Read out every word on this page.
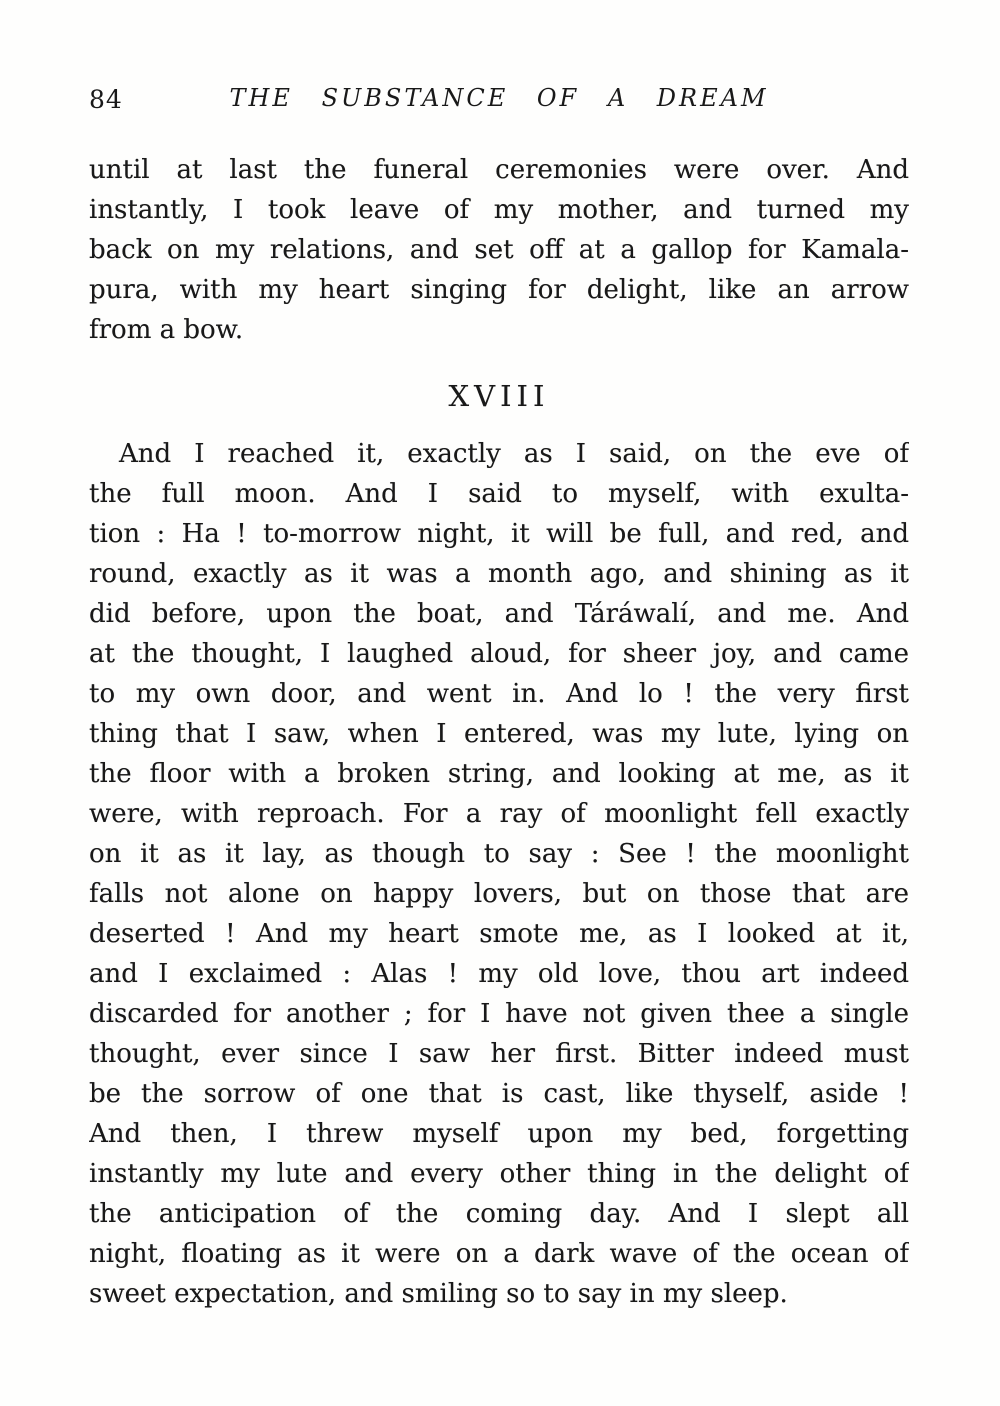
84	THE SUBSTANCE OF A DREAM
until at last the funeral ceremonies were over. And
instantly, I took leave of my mother, and turned my
back on my relations, and set off at a gallop for Kamala-
pura, with my heart singing for delight, like an arrow
from a bow.
XVIII
And I reached it, exactly as I said, on the eve of
the full moon. And I said to myself, with exulta-
tion : Ha ! to-morrow night, it will be full, and red, and
round, exactly as it was a month ago, and shining as it
did before, upon the boat, and Táráwalí, and me. And
at the thought, I laughed aloud, for sheer joy, and came
to my own door, and went in. And lo ! the very first
thing that I saw, when I entered, was my lute, lying on
the floor with a broken string, and looking at me, as it
were, with reproach. For a ray of moonlight fell exactly
on it as it lay, as though to say : See ! the moonlight
falls not alone on happy lovers, but on those that are
deserted ! And my heart smote me, as I looked at it,
and I exclaimed : Alas ! my old love, thou art indeed
discarded for another ; for I have not given thee a single
thought, ever since I saw her first. Bitter indeed must
be the sorrow of one that is cast, like thyself, aside !
And then, I threw myself upon my bed, forgetting
instantly my lute and every other thing in the delight of
the anticipation of the coming day. And I slept all
night, floating as it were on a dark wave of the ocean of
sweet expectation, and smiling so to say in my sleep.
